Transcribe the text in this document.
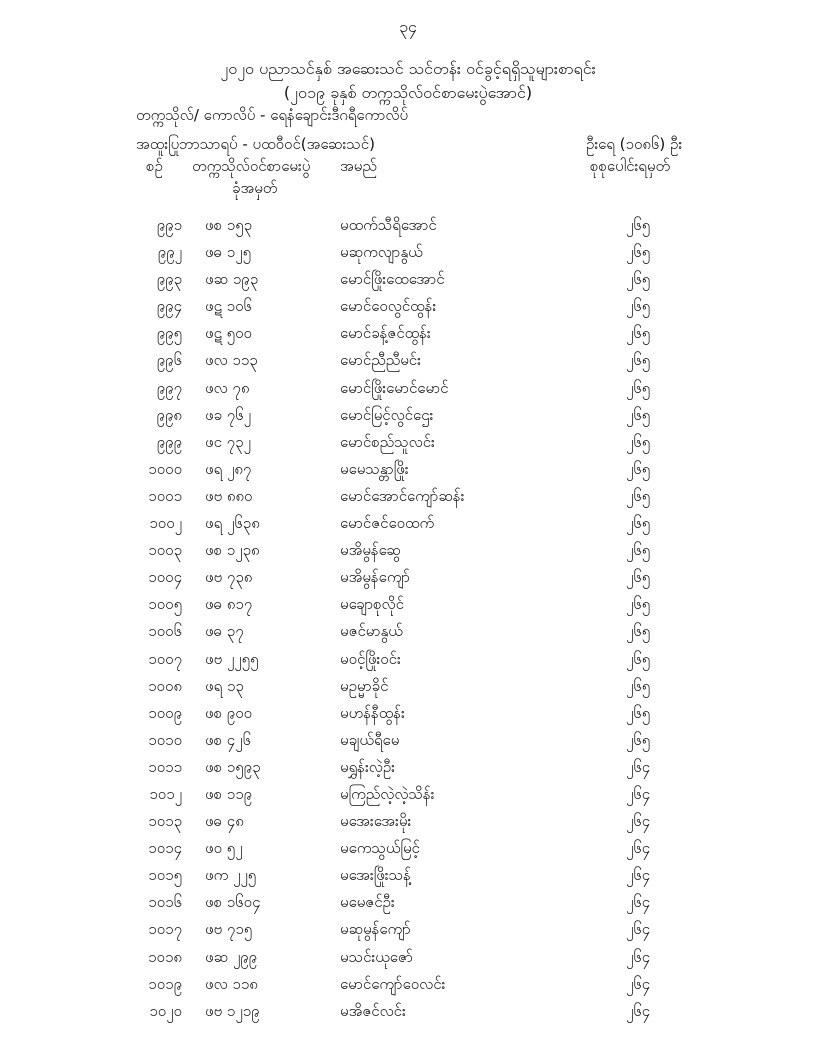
၃၄
၂၀၂၀ ပညာသင်နှစ် အဆေးသင် သင်တန်း ဝင်ခွင့်ရရှိသူများစာရင်း
(၂၀၁၉ ခုနှစ် တက္ကသိုလ်ဝင်စာမေးပွဲအောင်)
တက္ကသိုလ်/ ကောလိပ် - ရေနံချောင်းဒီဂရီကောလိပ်
အထူးပြုဘာသာရပ် - ပထဝီဝင်(အဆေးသင်)	ဦးရေ (၁၀၈၆) ဦး
စဉ် တက္ကသိုလ်ဝင်စာမေးပွဲ
ခုံအမှတ်
အမည်	စုစုပေါင်းရမှတ်
၉၉၁ ဖစ ၁၅၃	မထက်သီရိအောင်	၂၆၅
၉၉၂ ဖဓ ၁၂၅	မဆုကလျာနွယ်	၂၆၅
၉၉၃ ဖဆ ၁၉၃	မောင်ဖြိုးထေအောင်	၂၆၅
၉၉၄ ဖဋ ၁၀၆	မောင်ဝေလွင်ထွန်း	၂၆၅
၉၉၅ ဖဋ ၅၀၀	မောင်ခန့်ဇင်ထွန်း	၂၆၅
၉၉၆ ဖလ ၁၁၃	မောင်ညီညီမင်း	၂၆၅
၉၉၇ ဖလ ၇၈	မောင်ဖြိုးမောင်မောင်	၂၆၅
၉၉၈ ဖခ ၇၆၂	မောင်မြင့်လွင်ဌေး	၂၆၅
၉၉၉ ဖင ၇၃၂	မောင်စည်သူလင်း	၂၆၅
၁၀၀၀ ဖရ ၂၈၇	မမေသန္တာဖြိုး	၂၆၅
၁၀၀၁ ဖဗ ၈၈၀	မောင်အောင်ကျော်ဆန်း	၂၆၅
၁၀၀၂ ဖရ ၂၆၃၈	မောင်ဇင်ဝေထက်	၂၆၅
၁၀၀၃ ဖစ ၁၂၃၈	မအိမွန်ဆွေ	၂၆၅
၁၀၀၄ ဖဗ ၇၃၈	မအိမွန်ကျော်	၂၆၅
၁၀၀၅ ဖဓ ၈၁၇	မချောစုလိုင်	၂၆၅
၁၀၀၆ ဖဓ ၃၇	မဇင်မာနွယ်	၂၆၅
၁၀၀၇ ဖဗ ၂၂၅၅	မဝင့်ဖြိုးဝင်း	၂၆၅
၁၀၀၈ ဖရ ၁၃	မဥမ္မာခိုင်	၂၆၅
၁၀၀၉ ဖစ ၉၀၀	မဟန်နီထွန်း	၂၆၅
၁၀၁၀ ဖစ ၄၂၆	မချယ်ရီမေ	၂၆၅
၁၀၁၁ ဖစ ၁၅၉၃	မရွှန်းလဲ့ဦး	၂၆၄
၁၀၁၂ ဖစ ၁၁၉	မကြည်လဲ့လဲ့သိန်း	၂၆၄
၁၀၁၃ ဖဓ ၄၈	မအေးအေးမိုး	၂၆၄
၁၀၁၄ ဖဝ ၅၂	မကေသွယ်မြင့်	၂၆၄
၁၀၁၅ ဖက ၂၂၅	မအေးဖြိုးသန့်	၂၆၄
၁၀၁၆ ဖစ ၁၆၀၄	မမေဇင်ဦး	၂၆၄
၁၀၁၇ ဖဗ ၇၁၅	မဆုမွန်ကျော်	၂၆၄
၁၀၁၈ ဖဆ ၂၉၉	မသင်းယုဇော်	၂၆၄
၁၀၁၉ ဖလ ၁၁၈	မောင်ကျော်ဝေလင်း	၂၆၄
၁၀၂၀ ဖဗ ၁၂၁၉	မအိဇင်လင်း	၂၆၄
